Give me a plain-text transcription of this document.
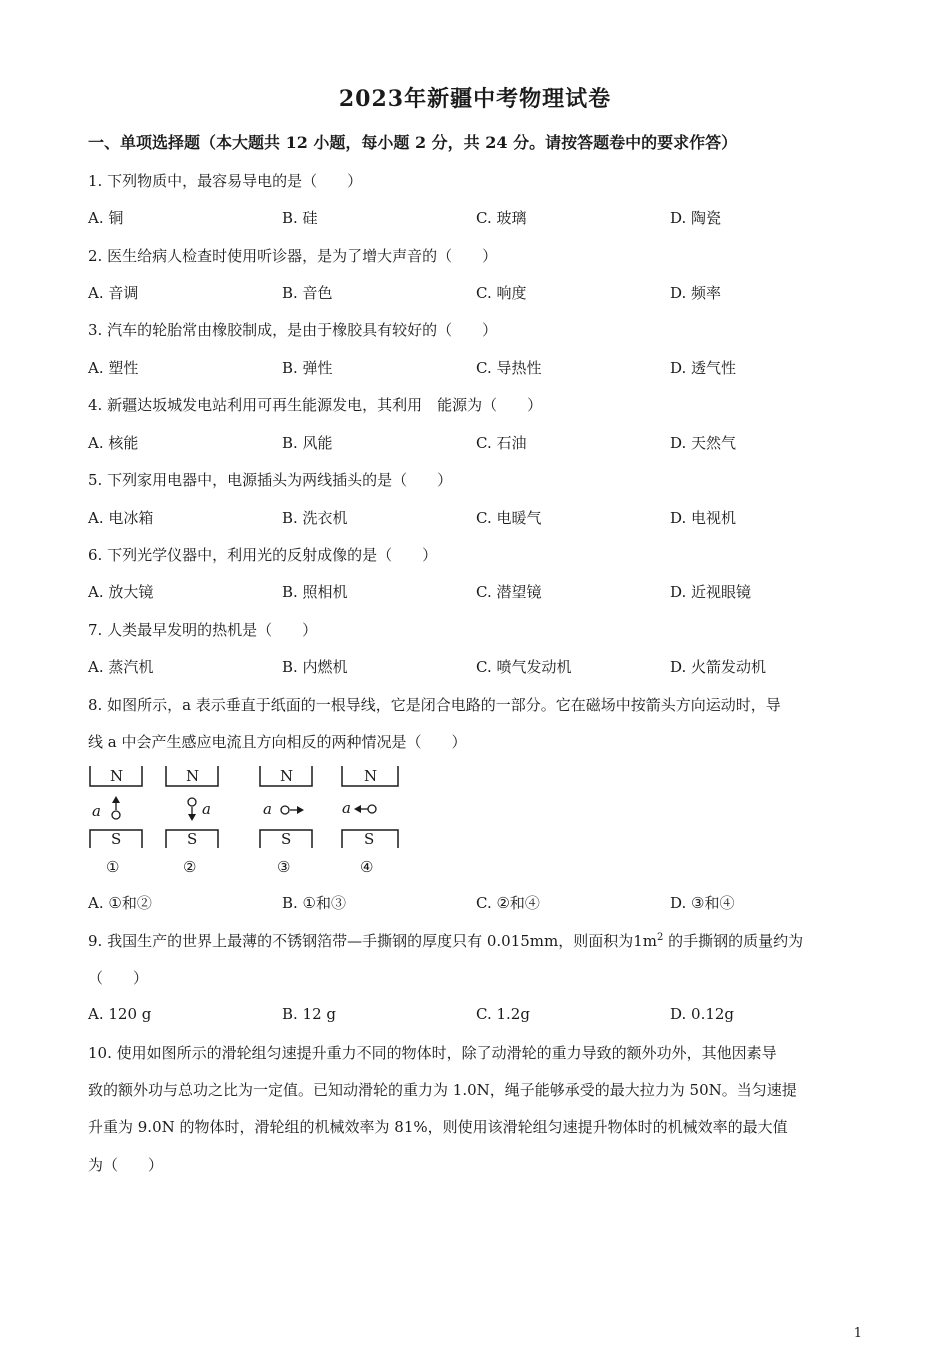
2023年新疆中考物理试卷
一、单项选择题（本大题共 12 小题，每小题 2 分，共 24 分。请按答题卷中的要求作答）
1. 下列物质中，最容易导电的是（　　）
A. 铜	B. 硅	C. 玻璃	D. 陶瓷
2. 医生给病人检查时使用听诊器，是为了增大声音的（　　）
A. 音调	B. 音色	C. 响度	D. 频率
3. 汽车的轮胎常由橡胶制成，是由于橡胶具有较好的（　　）
A. 塑性	B. 弹性	C. 导热性	D. 透气性
4. 新疆达坂城发电站利用可再生能源发电，其利用　能源为（　　）
A. 核能	B. 风能	C. 石油	D. 天然气
5. 下列家用电器中，电源插头为两线插头的是（　　）
A. 电冰箱	B. 洗衣机	C. 电暖气	D. 电视机
6. 下列光学仪器中，利用光的反射成像的是（　　）
A. 放大镜	B. 照相机	C. 潜望镜	D. 近视眼镜
7. 人类最早发明的热机是（　　）
A. 蒸汽机	B. 内燃机	C. 喷气发动机	D. 火箭发动机
8. 如图所示，a 表示垂直于纸面的一根导线，它是闭合电路的一部分。它在磁场中按箭头方向运动时，导
线 a 中会产生感应电流且方向相反的两种情况是（　　）
N
a
S
①
N
a
S
②
N
a
S
③
N
a
S
④
A. ①和②	B. ①和③	C. ②和④	D. ③和④
9. 我国生产的世界上最薄的不锈钢箔带—手撕钢的厚度只有 0.015mm，则面积为$1m^2$ 的手撕钢的质量约为
（　　）
A. 120 g	B. 12 g	C. 1.2g	D. 0.12g
10. 使用如图所示的滑轮组匀速提升重力不同的物体时，除了动滑轮的重力导致的额外功外，其他因素导
致的额外功与总功之比为一定值。已知动滑轮的重力为 1.0N，绳子能够承受的最大拉力为 50N。当匀速提
升重为 9.0N 的物体时，滑轮组的机械效率为 81%，则使用该滑轮组匀速提升物体时的机械效率的最大值
为（　　）
1
